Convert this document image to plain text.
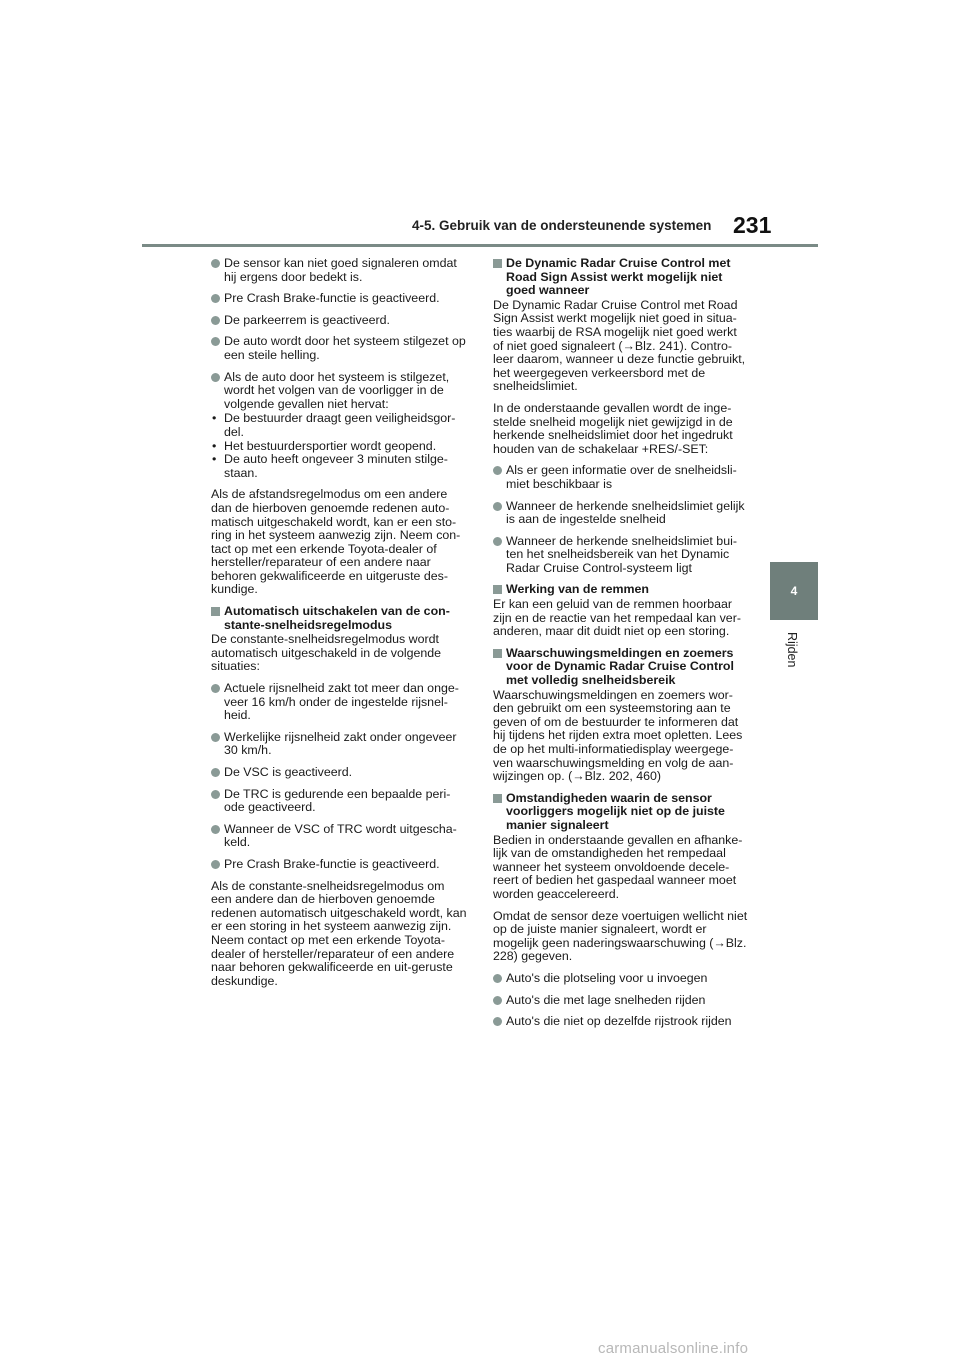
4-5. Gebruik van de ondersteunende systemen 231
4
Rijden
De sensor kan niet goed signaleren omdat hij ergens door bedekt is.
Pre Crash Brake-functie is geactiveerd.
De parkeerrem is geactiveerd.
De auto wordt door het systeem stilgezet op een steile helling.
Als de auto door het systeem is stilgezet, wordt het volgen van de voorligger in de volgende gevallen niet hervat:
• De bestuurder draagt geen veiligheidsgor-del.
• Het bestuurdersportier wordt geopend.
• De auto heeft ongeveer 3 minuten stilge-staan.
Als de afstandsregelmodus om een andere dan de hierboven genoemde redenen auto-matisch uitgeschakeld wordt, kan er een sto-ring in het systeem aanwezig zijn. Neem con-tact op met een erkende Toyota-dealer of hersteller/reparateur of een andere naar behoren gekwalificeerde en uitgeruste des-kundige.
Automatisch uitschakelen van de con-stante-snelheidsregelmodus
De constante-snelheidsregelmodus wordt automatisch uitgeschakeld in de volgende situaties:
Actuele rijsnelheid zakt tot meer dan onge-veer 16 km/h onder de ingestelde rijsnel-heid.
Werkelijke rijsnelheid zakt onder ongeveer 30 km/h.
De VSC is geactiveerd.
De TRC is gedurende een bepaalde peri-ode geactiveerd.
Wanneer de VSC of TRC wordt uitgescha-keld.
Pre Crash Brake-functie is geactiveerd.
Als de constante-snelheidsregelmodus om een andere dan de hierboven genoemde redenen automatisch uitgeschakeld wordt, kan er een storing in het systeem aanwezig zijn. Neem contact op met een erkende Toyota-dealer of hersteller/reparateur of een andere naar behoren gekwalificeerde en uit-geruste deskundige.
De Dynamic Radar Cruise Control met Road Sign Assist werkt mogelijk niet goed wanneer
De Dynamic Radar Cruise Control met Road Sign Assist werkt mogelijk niet goed in situa-ties waarbij de RSA mogelijk niet goed werkt of niet goed signaleert (→Blz. 241). Contro-leer daarom, wanneer u deze functie gebruikt, het weergegeven verkeersbord met de snelheidslimiet.
In de onderstaande gevallen wordt de inge-stelde snelheid mogelijk niet gewijzigd in de herkende snelheidslimiet door het ingedrukt houden van de schakelaar +RES/-SET:
Als er geen informatie over de snelheidsli-miet beschikbaar is
Wanneer de herkende snelheidslimiet gelijk is aan de ingestelde snelheid
Wanneer de herkende snelheidslimiet bui-ten het snelheidsbereik van het Dynamic Radar Cruise Control-systeem ligt
Werking van de remmen
Er kan een geluid van de remmen hoorbaar zijn en de reactie van het rempedaal kan ver-anderen, maar dit duidt niet op een storing.
Waarschuwingsmeldingen en zoemers voor de Dynamic Radar Cruise Control met volledig snelheidsbereik
Waarschuwingsmeldingen en zoemers wor-den gebruikt om een systeemstoring aan te geven of om de bestuurder te informeren dat hij tijdens het rijden extra moet opletten. Lees de op het multi-informatiedisplay weergege-ven waarschuwingsmelding en volg de aan-wijzingen op. (→Blz. 202, 460)
Omstandigheden waarin de sensor voorliggers mogelijk niet op de juiste manier signaleert
Bedien in onderstaande gevallen en afhanke-lijk van de omstandigheden het rempedaal wanneer het systeem onvoldoende decele-reert of bedien het gaspedaal wanneer moet worden geaccelereerd.
Omdat de sensor deze voertuigen wellicht niet op de juiste manier signaleert, wordt er mogelijk geen naderingswaarschuwing (→Blz. 228) gegeven.
Auto's die plotseling voor u invoegen
Auto's die met lage snelheden rijden
Auto's die niet op dezelfde rijstrook rijden
carmanualsonline.info
